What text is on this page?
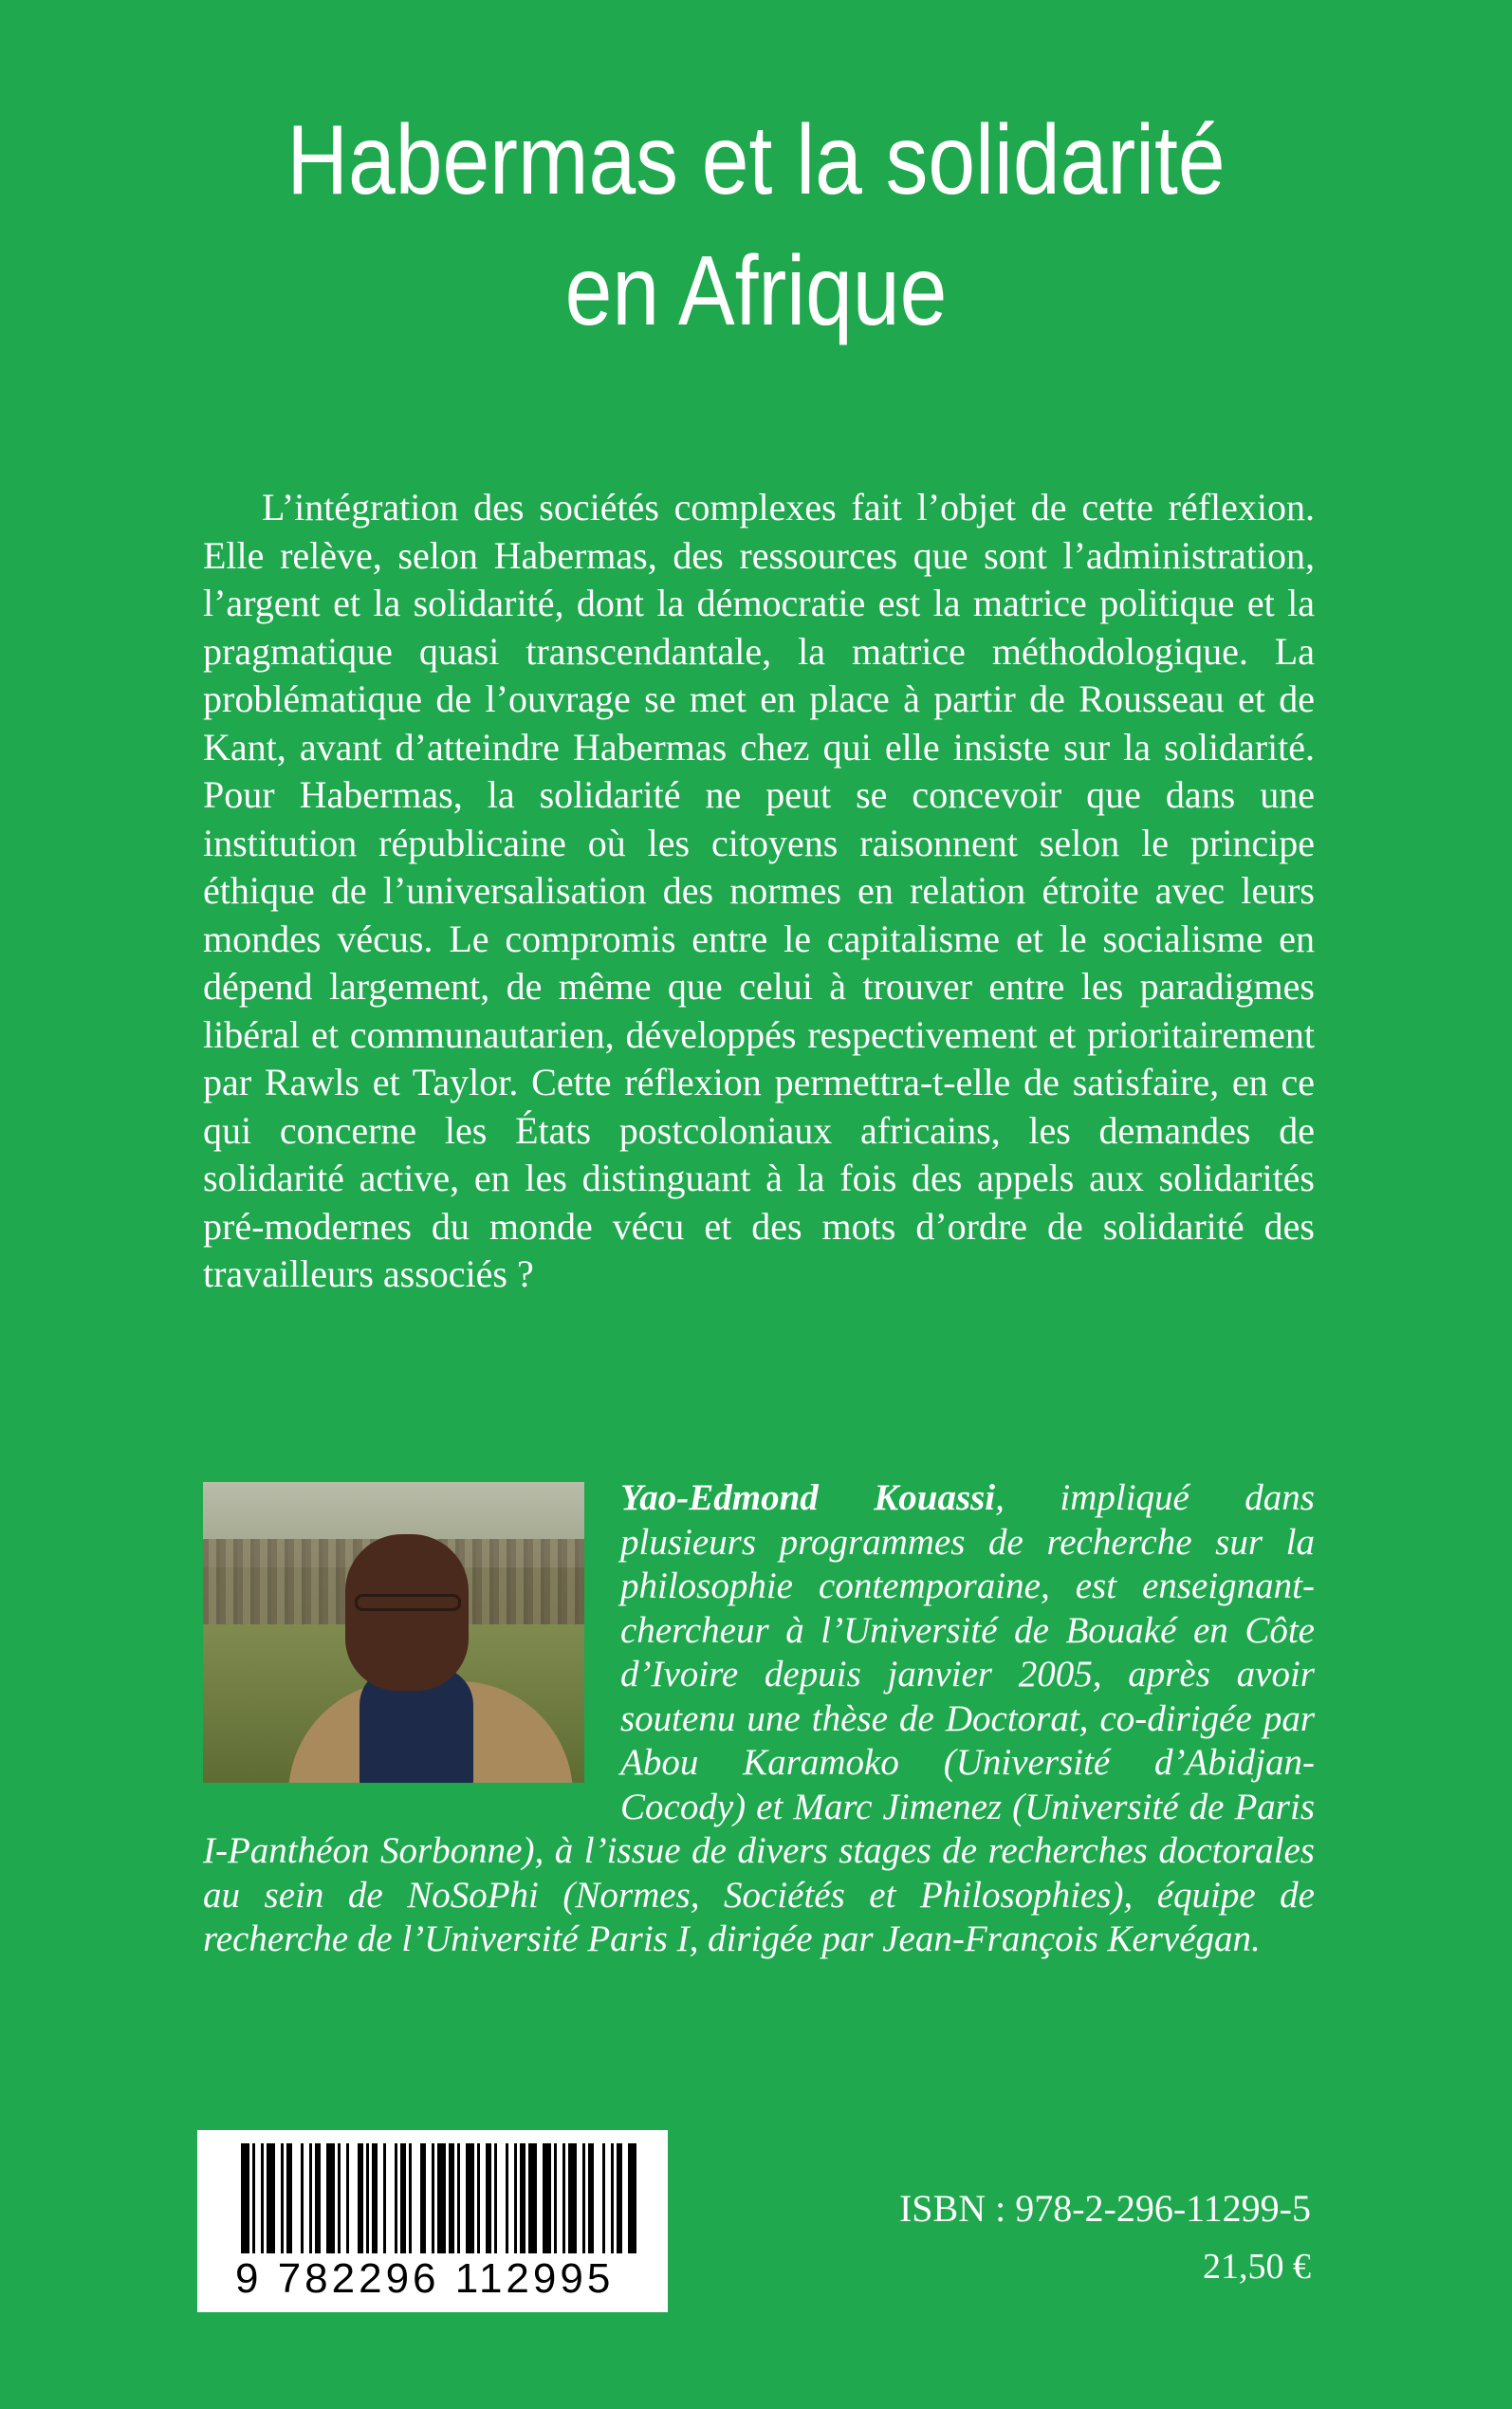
Habermas et la solidarité
en Afrique

L’intégration des sociétés complexes fait l’objet de cette réflexion. Elle relève, selon Habermas, des ressources que sont l’administration, l’argent et la solidarité, dont la démocratie est la matrice politique et la pragmatique quasi transcendantale, la matrice méthodologique. La problématique de l’ouvrage se met en place à partir de Rousseau et de Kant, avant d’atteindre Habermas chez qui elle insiste sur la solidarité. Pour Habermas, la solidarité ne peut se concevoir que dans une institution républicaine où les citoyens raisonnent selon le principe éthique de l’universalisation des normes en relation étroite avec leurs mondes vécus. Le compromis entre le capitalisme et le socialisme en dépend largement, de même que celui à trouver entre les paradigmes libéral et communautarien, développés respectivement et prioritairement par Rawls et Taylor. Cette réflexion permettra-t-elle de satisfaire, en ce qui concerne les États postcoloniaux africains, les demandes de solidarité active, en les distinguant à la fois des appels aux solidarités pré-modernes du monde vécu et des mots d’ordre de solidarité des travailleurs associés ?

Yao-Edmond Kouassi, impliqué dans plusieurs programmes de recherche sur la philosophie contemporaine, est enseignant-chercheur à l’Université de Bouaké en Côte d’Ivoire depuis janvier 2005, après avoir soutenu une thèse de Doctorat, co-dirigée par Abou Karamoko (Université d’Abidjan-Cocody) et Marc Jimenez (Université de Paris I-Panthéon Sorbonne), à l’issue de divers stages de recherches doctorales au sein de NoSoPhi (Normes, Sociétés et Philosophies), équipe de recherche de l’Université Paris I, dirigée par Jean-François Kervégan.
9 782296 112995
ISBN : 978-2-296-11299-5
21,50 €
